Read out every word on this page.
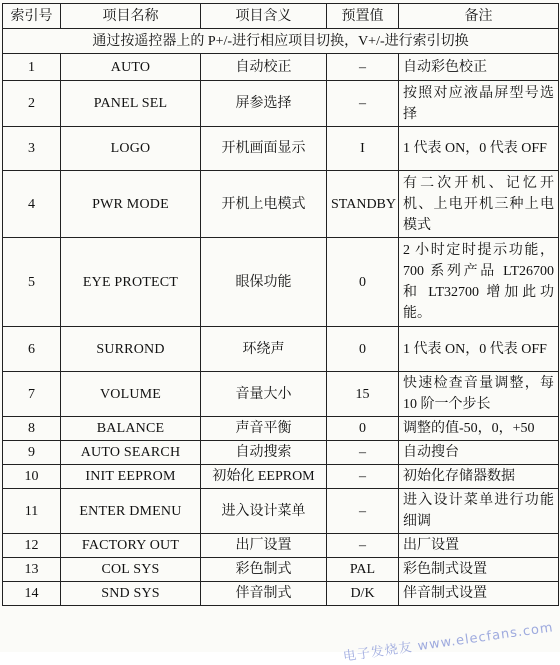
索引号	项目名称	项目含义	预置值	备注
通过按遥控器上的 P+/-进行相应项目切换，V+/-进行索引切换				
1	AUTO	自动校正	–	自动彩色校正
2	PANEL SEL	屏参选择	–	按照对应液晶屏型号选择
3	LOGO	开机画面显示	I	1 代表 ON，0 代表 OFF
4	PWR MODE	开机上电模式	STANDBY	有二次开机、记忆开机、上电开机三种上电模式
5	EYE PROTECT	眼保功能	0	2 小时定时提示功能，700 系列产品 LT26700 和 LT32700 增加此功能。
6	SURROND	环绕声	0	1 代表 ON，0 代表 OFF
7	VOLUME	音量大小	15	快速检查音量调整，每 10 阶一个步长
8	BALANCE	声音平衡	0	调整的值-50，0，+50
9	AUTO SEARCH	自动搜索	–	自动搜台
10	INIT EEPROM	初始化 EEPROM	–	初始化存储器数据
11	ENTER DMENU	进入设计菜单	–	进入设计菜单进行功能细调
12	FACTORY OUT	出厂设置	–	出厂设置
13	COL SYS	彩色制式	PAL	彩色制式设置
14	SND SYS	伴音制式	D/K	伴音制式设置
电子发烧友 www.elecfans.com
